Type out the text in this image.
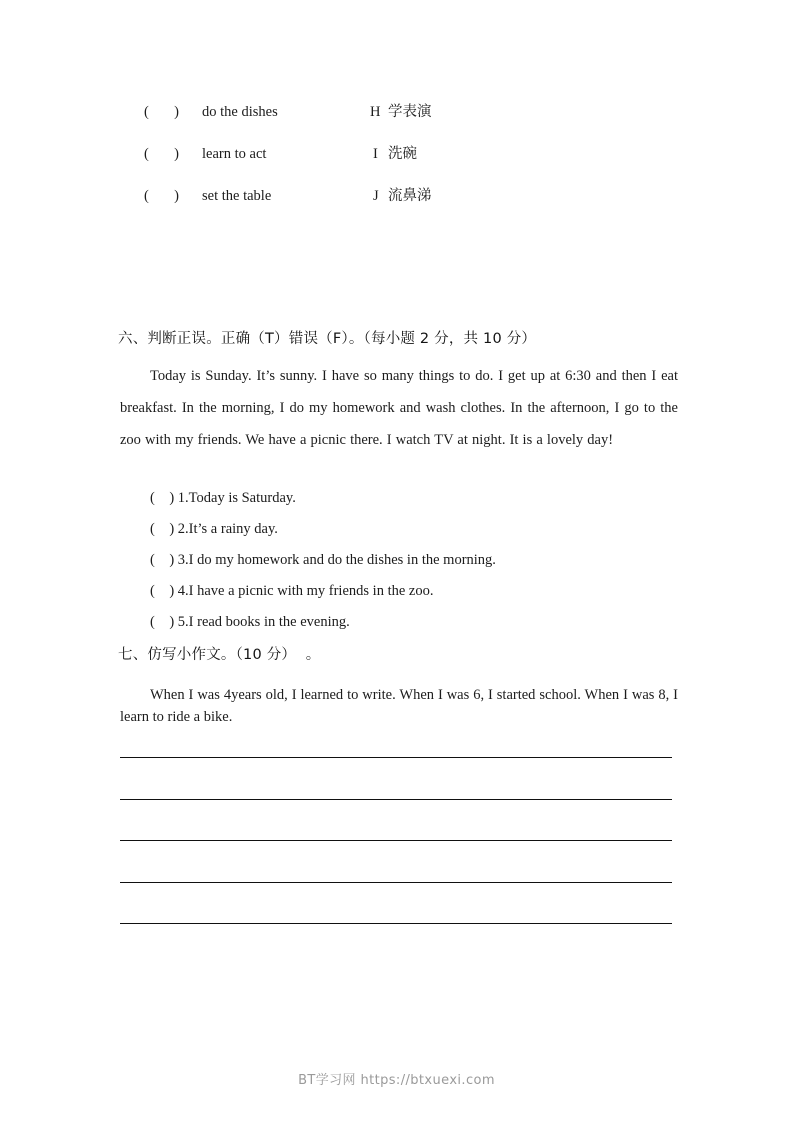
(      ) do the dishes	H 学表演
(      ) learn to act	I 洗碗
(      ) set the table	J 流鼻涕
六、判断正误。正确（T）错误（F）。（每小题 2 分，共 10 分）
Today is Sunday. It’s sunny. I have so many things to do. I get up at 6:30 and then I eat breakfast. In the morning, I do my homework and wash clothes. In the afternoon, I go to the zoo with my friends. We have a picnic there. I watch TV at night. It is a lovely day!
(    ) 1.Today is Saturday.
(    ) 2.It’s a rainy day.
(    ) 3.I do my homework and do the dishes in the morning.
(    ) 4.I have a picnic with my friends in the zoo.
(    ) 5.I read books in the evening.
七、仿写小作文。（10 分）  。
When I was 4years old, I learned to write. When I was 6, I started school. When I was 8, I learn to ride a bike.
BT学习网 https://btxuexi.com
